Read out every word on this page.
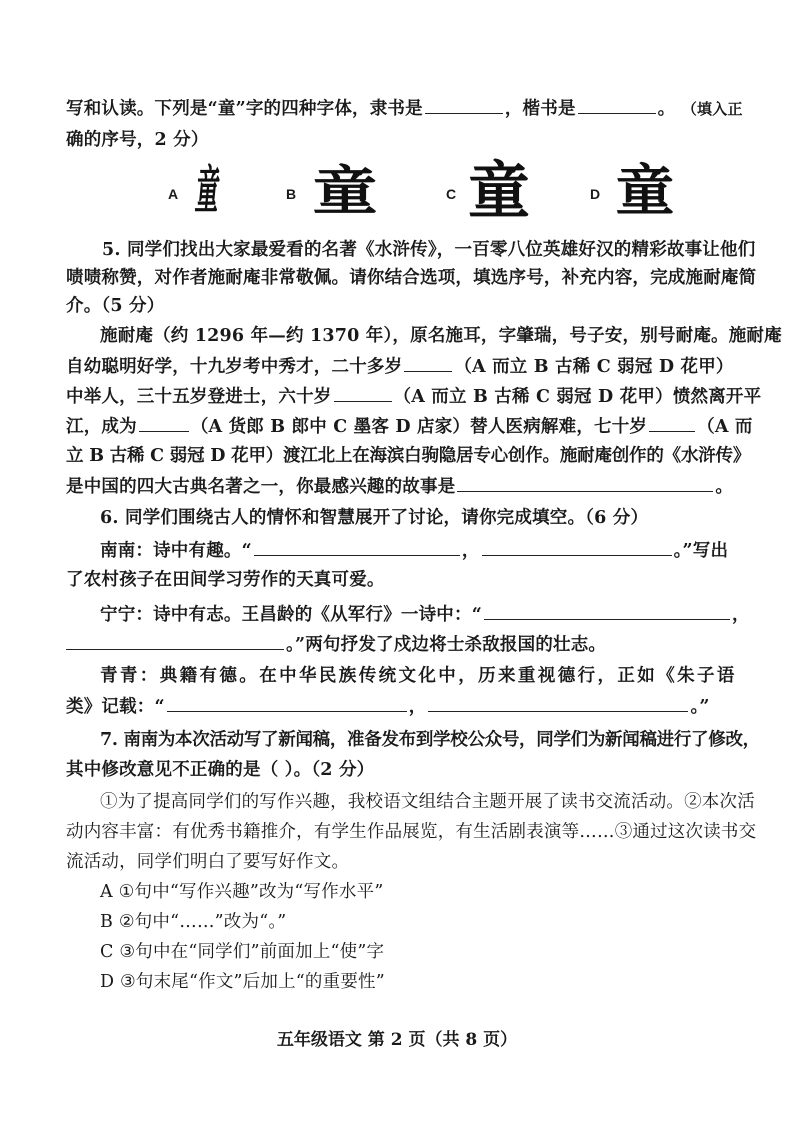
写和认读。下列是“童”字的四种字体，隶书是	，楷书是	。 （填入正
确的序号，2 分）
A 童	B 童	C 童	D 童
5. 同学们找出大家最爱看的名著《水浒传》，一百零八位英雄好汉的精彩故事让他们
啧啧称赞，对作者施耐庵非常敬佩。请你结合选项，填选序号，补充内容，完成施耐庵简
介。（5 分）
施耐庵（约 1296 年—约 1370 年），原名施耳，字肇瑞，号子安，别号耐庵。施耐庵
自幼聪明好学，十九岁考中秀才，二十多岁	（A 而立 B 古稀 C 弱冠 D 花甲）
中举人，三十五岁登进士，六十岁	（A 而立 B 古稀 C 弱冠 D 花甲）愤然离开平
江，成为	（A 货郎 B 郎中 C 墨客 D 店家）替人医病解难，七十岁	（A 而
立 B 古稀 C 弱冠 D 花甲）渡江北上在海滨白驹隐居专心创作。施耐庵创作的《水浒传》
是中国的四大古典名著之一，你最感兴趣的故事是	。
6. 同学们围绕古人的情怀和智慧展开了讨论，请你完成填空。（6 分）
南南：诗中有趣。“	，	。”写出
了农村孩子在田间学习劳作的天真可爱。
宁宁：诗中有志。王昌龄的《从军行》一诗中：“	，
。”两句抒发了戍边将士杀敌报国的壮志。
青青：典籍有德。在中华民族传统文化中，历来重视德行，正如《朱子语
类》记载：“	，	。”
7. 南南为本次活动写了新闻稿，准备发布到学校公众号，同学们为新闻稿进行了修改，
其中修改意见不正确的是（ ）。（2 分）
①为了提高同学们的写作兴趣，我校语文组结合主题开展了读书交流活动。②本次活
动内容丰富：有优秀书籍推介，有学生作品展览，有生活剧表演等……③通过这次读书交
流活动，同学们明白了要写好作文。
A ①句中“写作兴趣”改为“写作水平”
B ②句中“……”改为“。”
C ③句中在“同学们”前面加上“使”字
D ③句末尾“作文”后加上“的重要性”
五年级语文 第 2 页（共 8 页）
